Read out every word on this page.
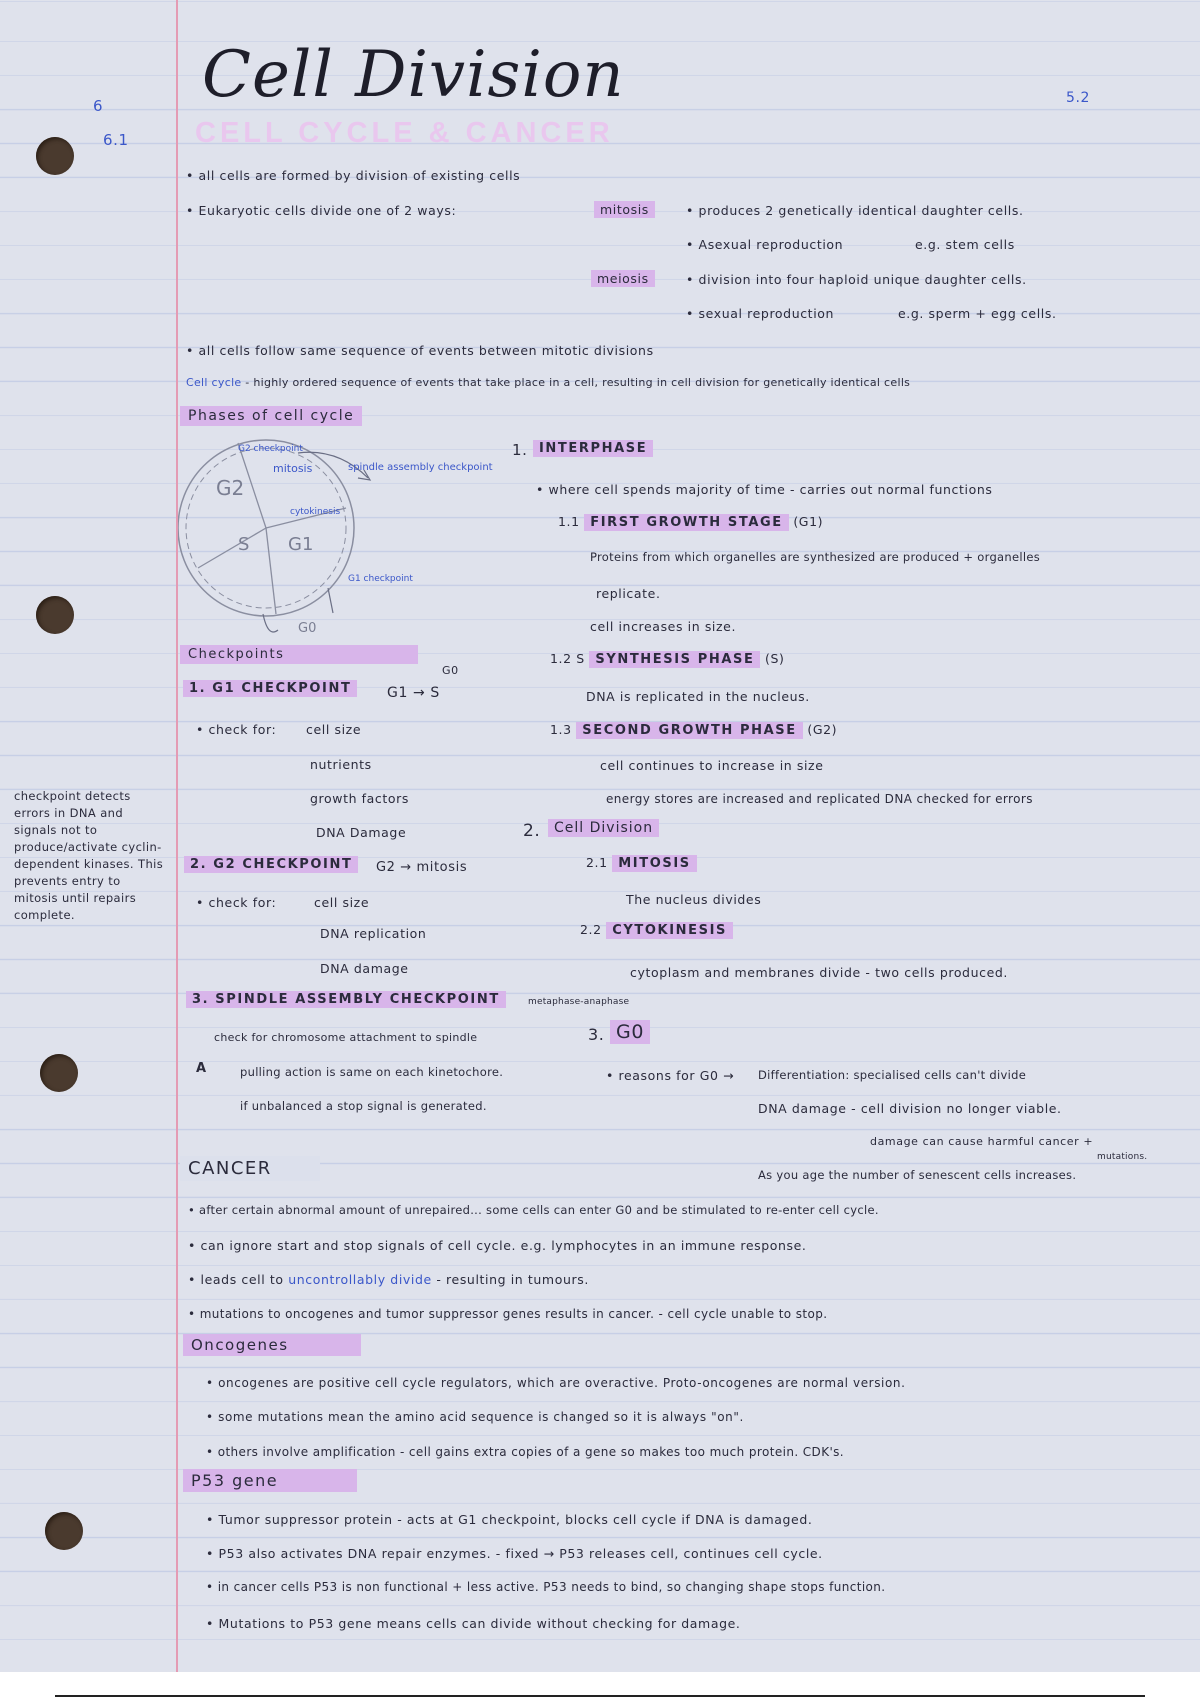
6
6.1
5.2
Cell Division
CELL CYCLE & CANCER
• all cells are formed by division of existing cells
• Eukaryotic cells divide one of 2 ways:	mitosis	• produces 2 genetically identical daughter cells.
• Asexual reproduction	e.g. stem cells
meiosis	• division into four haploid unique daughter cells.
• sexual reproduction	e.g. sperm + egg cells.
• all cells follow same sequence of events between mitotic divisions
Cell cycle - highly ordered sequence of events that take place in a cell, resulting in cell division for genetically identical cells
Phases of cell cycle
G2
S G1
G0
mitosis
cytokinesis
G2 checkpoint
spindle assembly checkpoint
G1 checkpoint
1. INTERPHASE
• where cell spends majority of time - carries out normal functions
1.1 FIRST GROWTH STAGE (G1)
Proteins from which organelles are synthesized are produced + organelles
replicate.
cell increases in size.
1.2 S SYNTHESIS PHASE (S)
DNA is replicated in the nucleus.
1.3 SECOND GROWTH PHASE (G2)
cell continues to increase in size
energy stores are increased and replicated DNA checked for errors
2. Cell Division
2.1 MITOSIS
The nucleus divides
2.2 CYTOKINESIS
cytoplasm and membranes divide - two cells produced.
3. G0
• reasons for G0 → Differentiation: specialised cells can't divide
DNA damage - cell division no longer viable.
damage can cause harmful cancer +
mutations.
As you age the number of senescent cells increases.
Checkpoints
1. G1 CHECKPOINT
G0
G1 → S
• check for: cell size
nutrients
growth factors
DNA Damage
2. G2 CHECKPOINT	G2 → mitosis
• check for:	cell size
DNA replication
DNA damage
3. SPINDLE ASSEMBLY CHECKPOINT	metaphase-anaphase
check for chromosome attachment to spindle
A	pulling action is same on each kinetochore.
if unbalanced a stop signal is generated.
checkpoint detects errors in DNA and signals not to produce/activate cyclin-dependent kinases. This prevents entry to mitosis until repairs complete.
CANCER
• after certain abnormal amount of unrepaired... some cells can enter G0 and be stimulated to re-enter cell cycle.
• can ignore start and stop signals of cell cycle. e.g. lymphocytes in an immune response.
• leads cell to uncontrollably divide - resulting in tumours.
• mutations to oncogenes and tumor suppressor genes results in cancer. - cell cycle unable to stop.
Oncogenes
• oncogenes are positive cell cycle regulators, which are overactive. Proto-oncogenes are normal version.
• some mutations mean the amino acid sequence is changed so it is always "on".
• others involve amplification - cell gains extra copies of a gene so makes too much protein. CDK's.
P53 gene
• Tumor suppressor protein - acts at G1 checkpoint, blocks cell cycle if DNA is damaged.
• P53 also activates DNA repair enzymes. - fixed → P53 releases cell, continues cell cycle.
• in cancer cells P53 is non functional + less active. P53 needs to bind, so changing shape stops function.
• Mutations to P53 gene means cells can divide without checking for damage.
